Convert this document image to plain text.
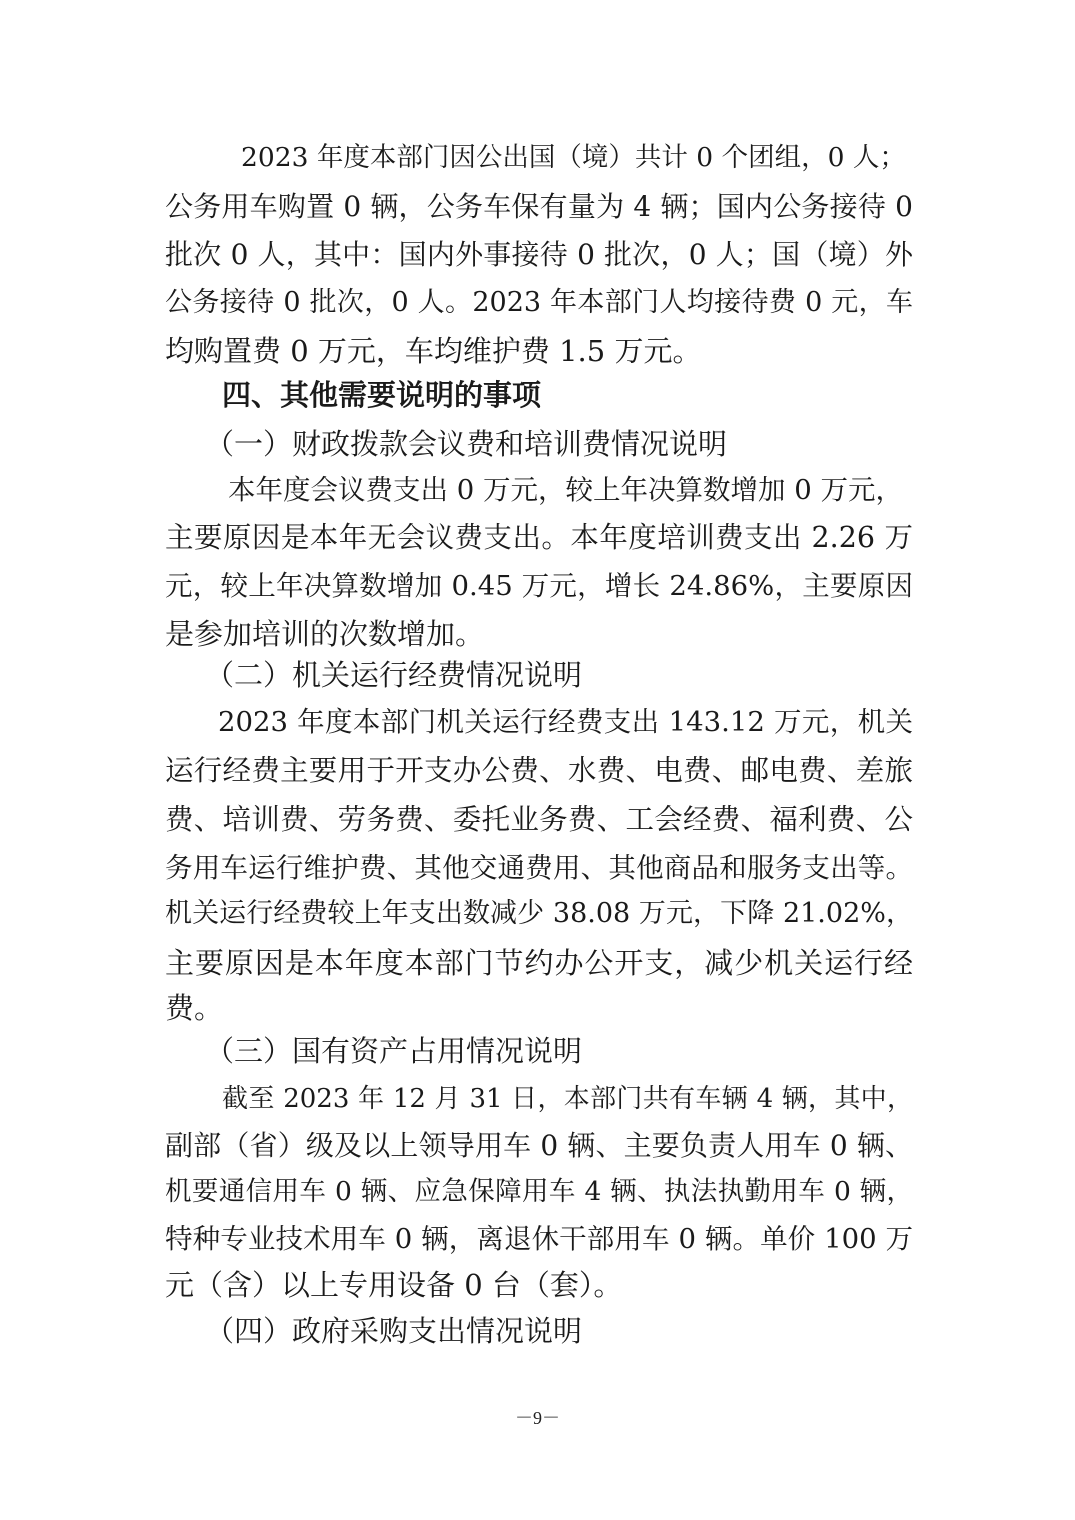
2023 年度本部门因公出国（境）共计 0 个团组，0 人；
公务用车购置 0 辆，公务车保有量为 4 辆；国内公务接待 0
批次 0 人，其中：国内外事接待 0 批次，0 人；国（境）外
公务接待 0 批次，0 人。2023 年本部门人均接待费 0 元，车
均购置费 0 万元，车均维护费 1.5 万元。
四、其他需要说明的事项
（一）财政拨款会议费和培训费情况说明
本年度会议费支出 0 万元，较上年决算数增加 0 万元，
主要原因是本年无会议费支出。本年度培训费支出 2.26 万
元，较上年决算数增加 0.45 万元，增长 24.86%，主要原因
是参加培训的次数增加。
（二）机关运行经费情况说明
2023 年度本部门机关运行经费支出 143.12 万元，机关
运行经费主要用于开支办公费、水费、电费、邮电费、差旅
费、培训费、劳务费、委托业务费、工会经费、福利费、公
务用车运行维护费、其他交通费用、其他商品和服务支出等。
机关运行经费较上年支出数减少 38.08 万元，下降 21.02%，
主要原因是本年度本部门节约办公开支，减少机关运行经
费。
（三）国有资产占用情况说明
截至 2023 年 12 月 31 日，本部门共有车辆 4 辆，其中，
副部（省）级及以上领导用车 0 辆、主要负责人用车 0 辆、
机要通信用车 0 辆、应急保障用车 4 辆、执法执勤用车 0 辆，
特种专业技术用车 0 辆，离退休干部用车 0 辆。单价 100 万
元（含）以上专用设备 0 台（套）。
（四）政府采购支出情况说明
－9－
